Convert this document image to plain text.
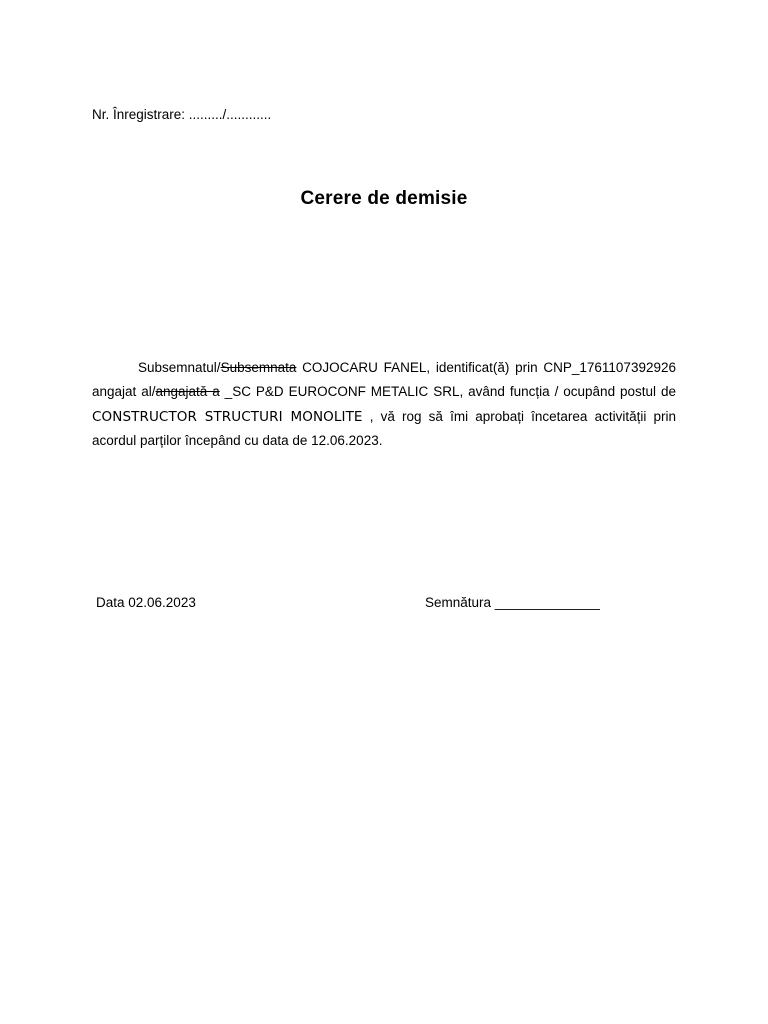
Nr. Înregistrare: ........./............
Cerere de demisie

Subsemnatul/Subsemnata COJOCARU FANEL, identificat(ă) prin CNP_1761107392926 angajat al/angajată a _SC P&D EUROCONF METALIC SRL, având funcția / ocupând postul de CONSTRUCTOR STRUCTURI MONOLITE , vă rog să îmi aprobați încetarea activității prin acordul parților începând cu data de 12.06.2023.

Data 02.06.2023	Semnătura ______________
